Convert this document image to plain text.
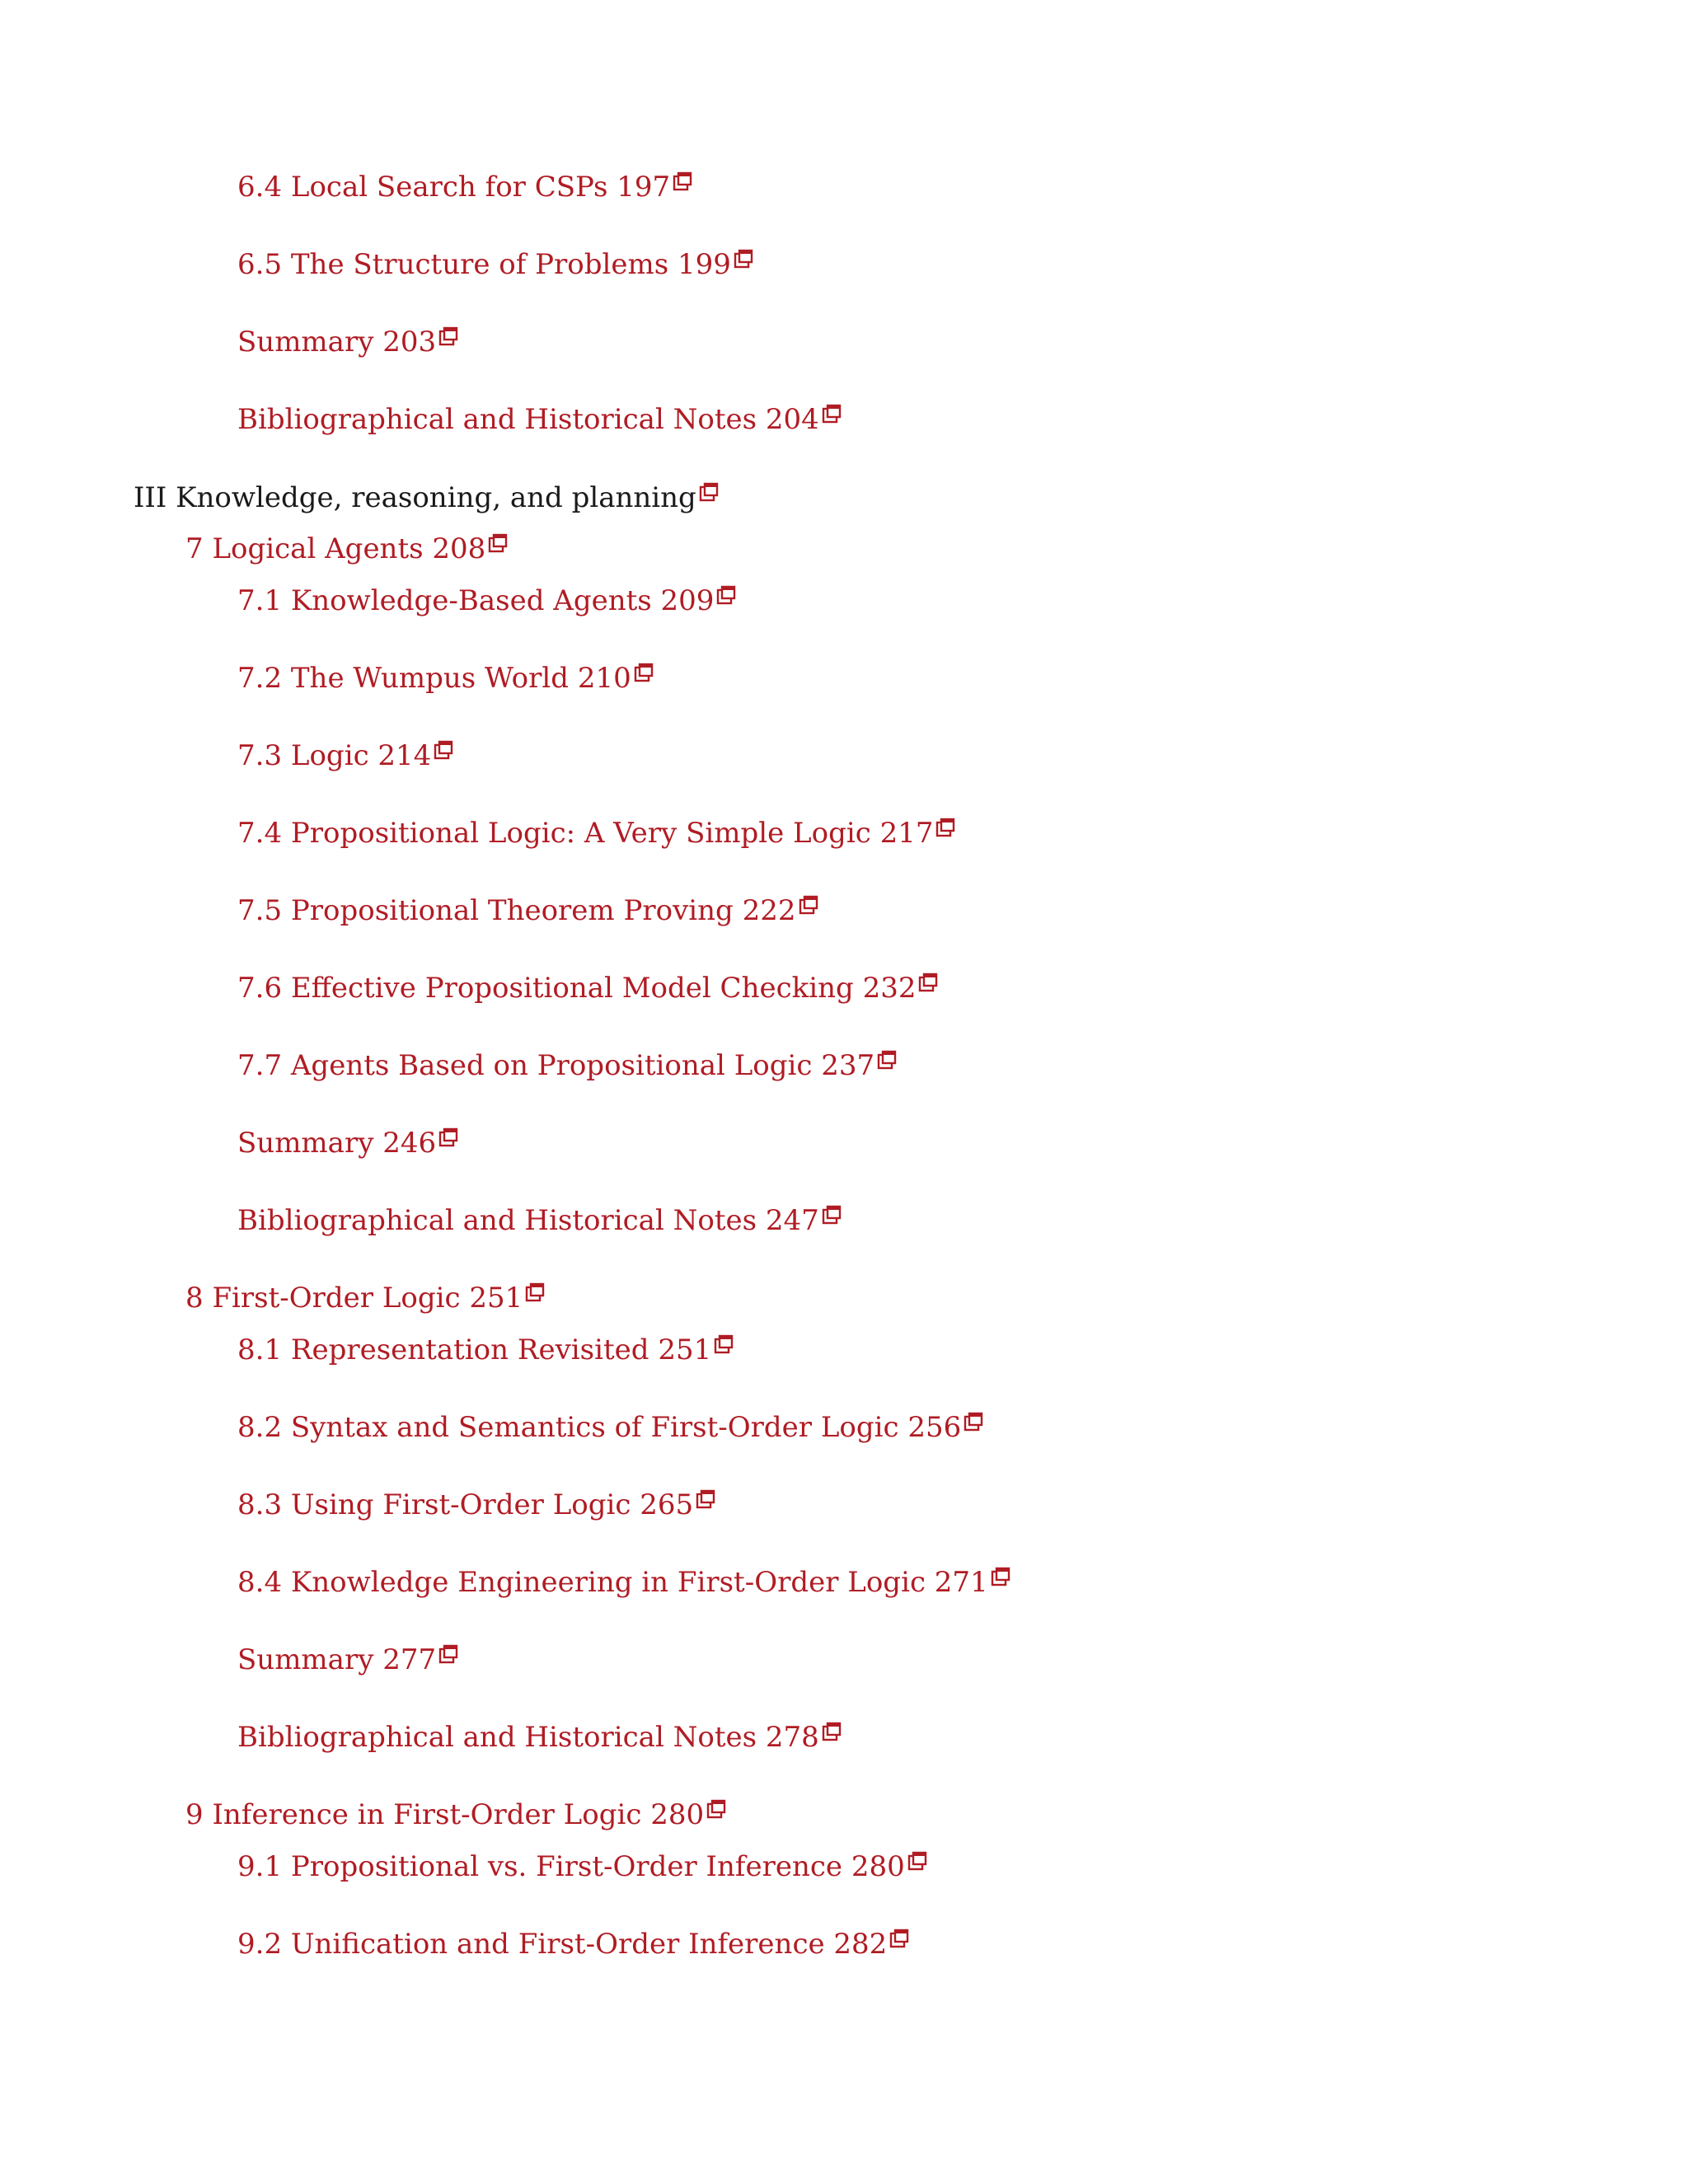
6.4 Local Search for CSPs 197
6.5 The Structure of Problems 199
Summary 203
Bibliographical and Historical Notes 204
III Knowledge, reasoning, and planning
7 Logical Agents 208
7.1 Knowledge-Based Agents 209
7.2 The Wumpus World 210
7.3 Logic 214
7.4 Propositional Logic: A Very Simple Logic 217
7.5 Propositional Theorem Proving 222
7.6 Effective Propositional Model Checking 232
7.7 Agents Based on Propositional Logic 237
Summary 246
Bibliographical and Historical Notes 247
8 First-Order Logic 251
8.1 Representation Revisited 251
8.2 Syntax and Semantics of First-Order Logic 256
8.3 Using First-Order Logic 265
8.4 Knowledge Engineering in First-Order Logic 271
Summary 277
Bibliographical and Historical Notes 278
9 Inference in First-Order Logic 280
9.1 Propositional vs. First-Order Inference 280
9.2 Unification and First-Order Inference 282
